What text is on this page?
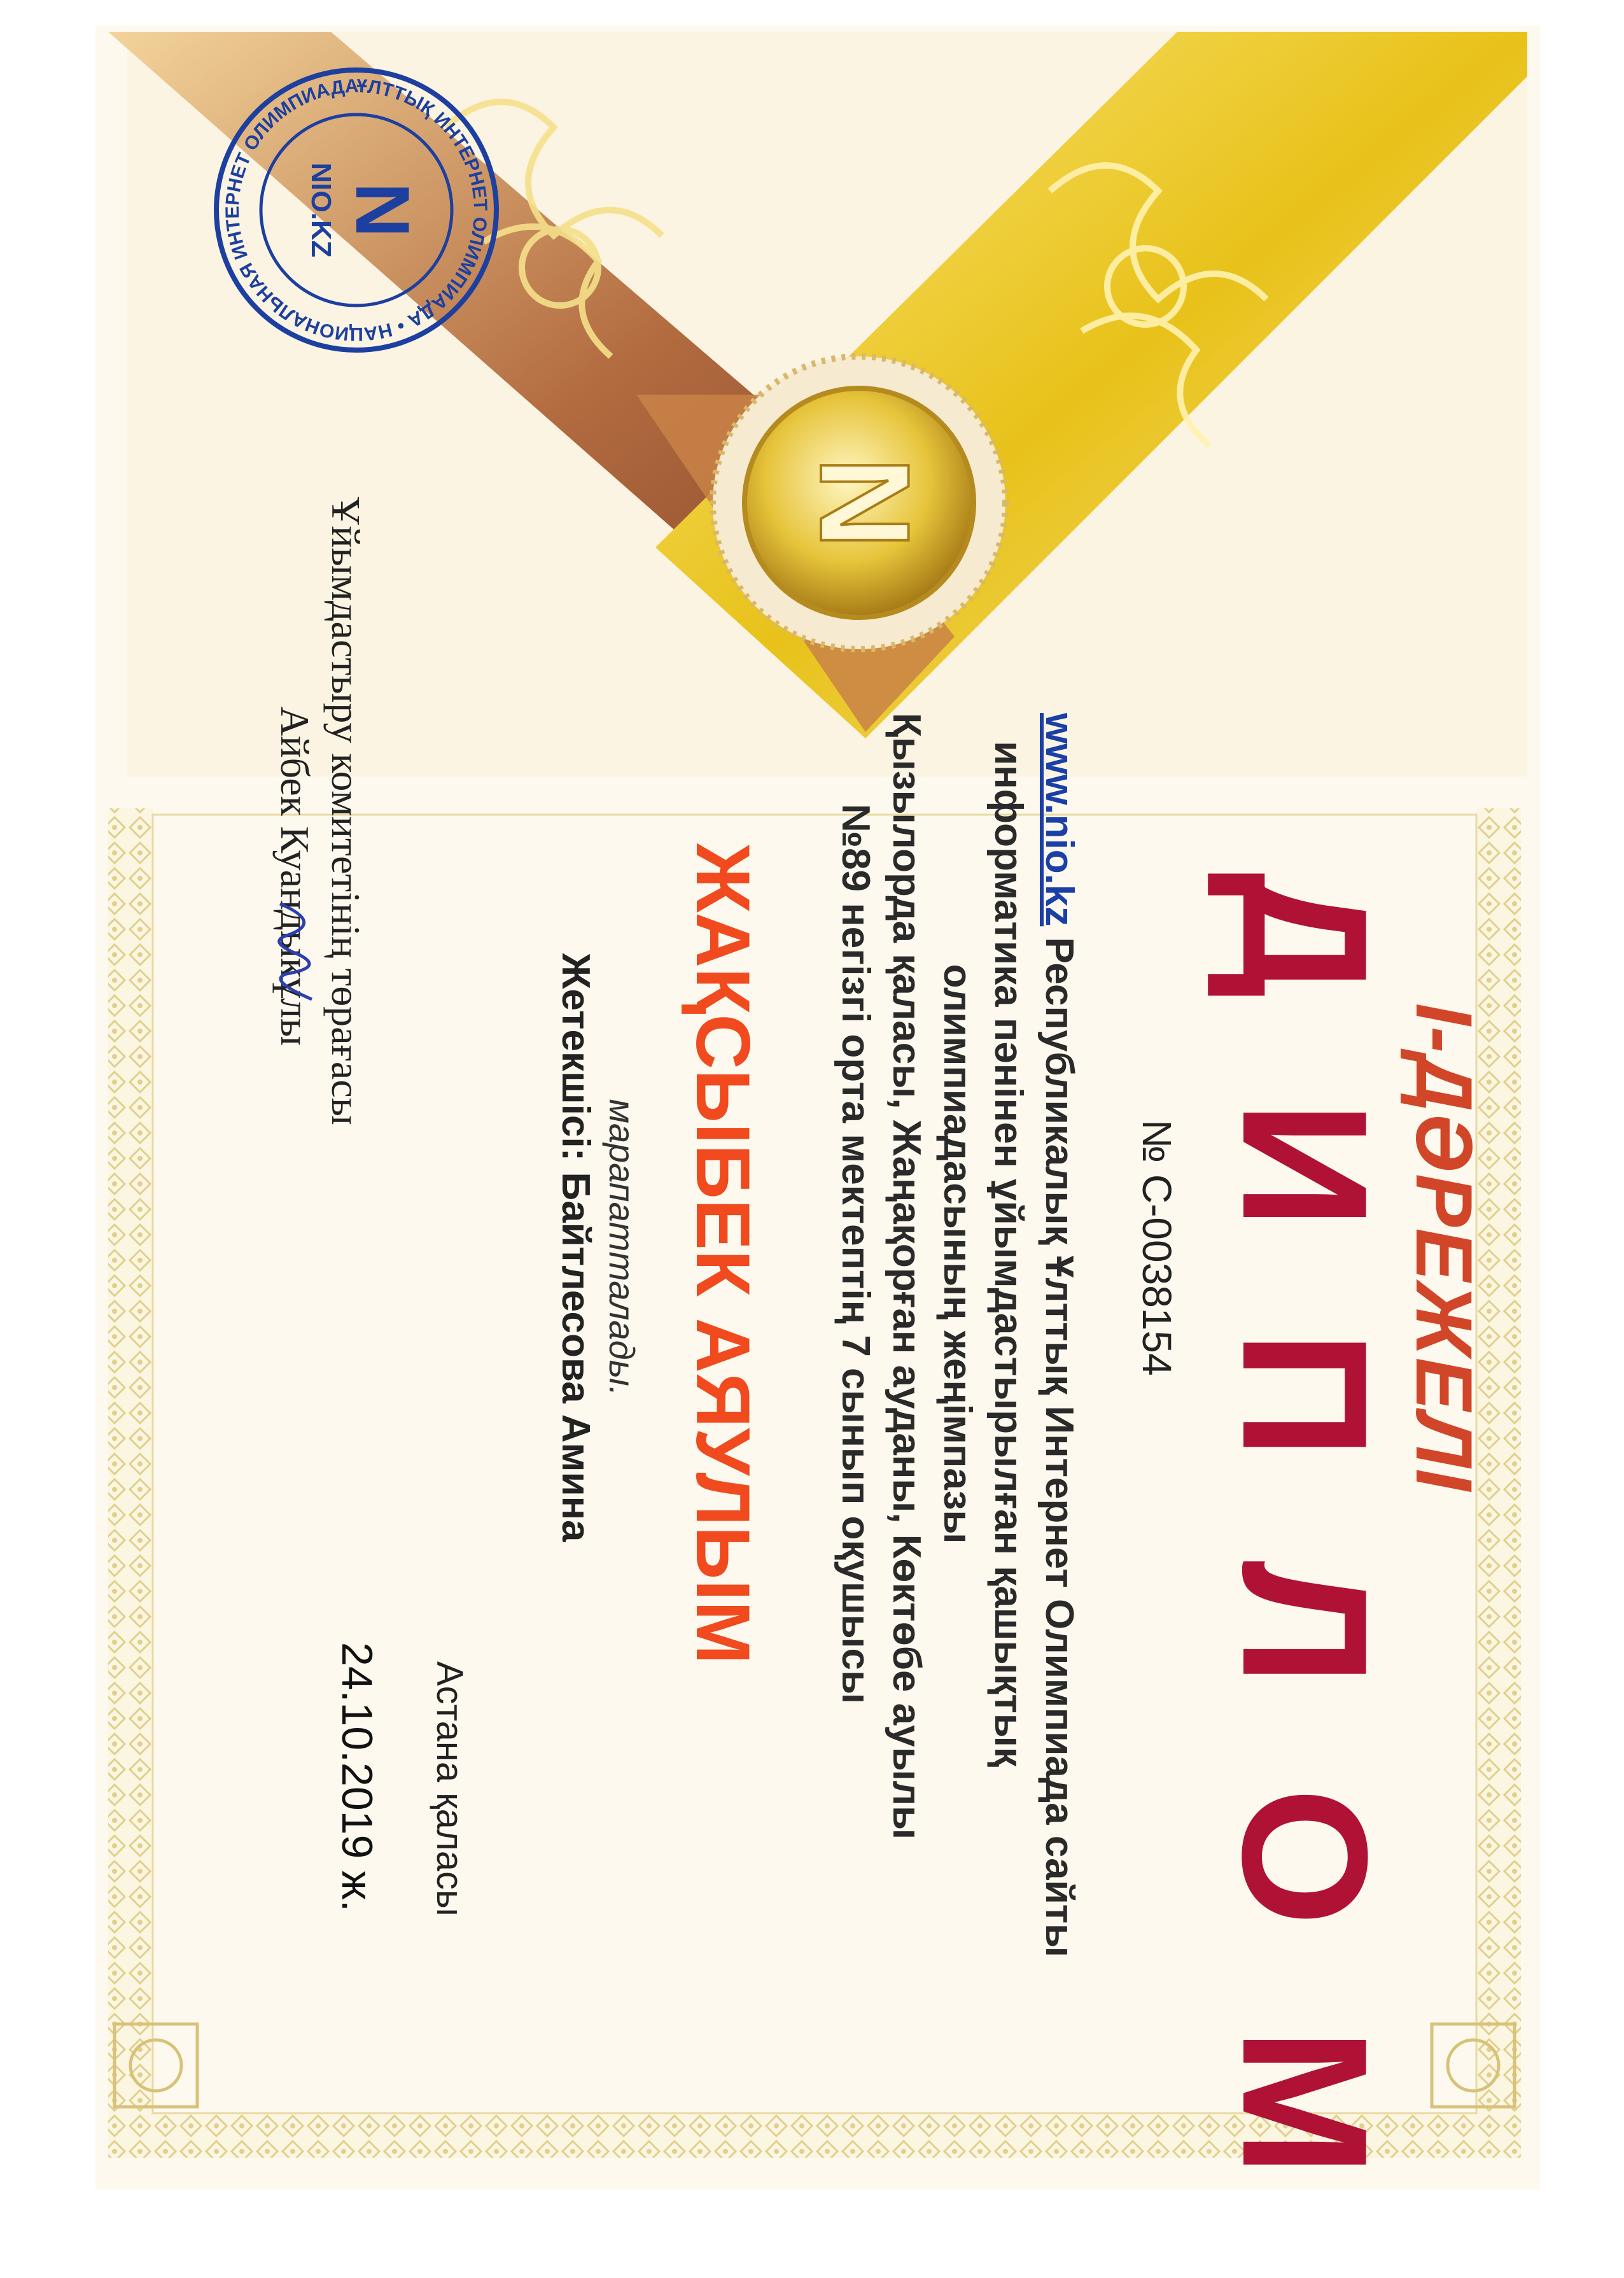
N
І-ДӘРЕЖЕЛІ
ДИПЛОМ
№ C-0038154
www.nio.kz Республикалық Ұлттық Интернет Олимпиада сайты
информатика пәнінен ұйымдастырылған қашықтық
олимпиадасының жеңімпазы
Қызылорда қаласы, Жаңақорған ауданы, Көктөбе ауылы
№89 негізгі орта мектептің 7 сынып оқушысы
ЖАҚСЫБЕК АЯУЛЫМ
марапатталады.
Жетекшісі: Байтлесова Амина
Астана қаласы
24.10.2019 ж.
Ұйымдастыру комитетінің төрағасы
Айбек Куандыкұлы
ҰЛТТЫҚ ИНТЕРНЕТ ОЛИМПИАДА • НАЦИОНАЛЬНАЯ ИНТЕРНЕТ ОЛИМПИАДА
N
NIO.KZ
